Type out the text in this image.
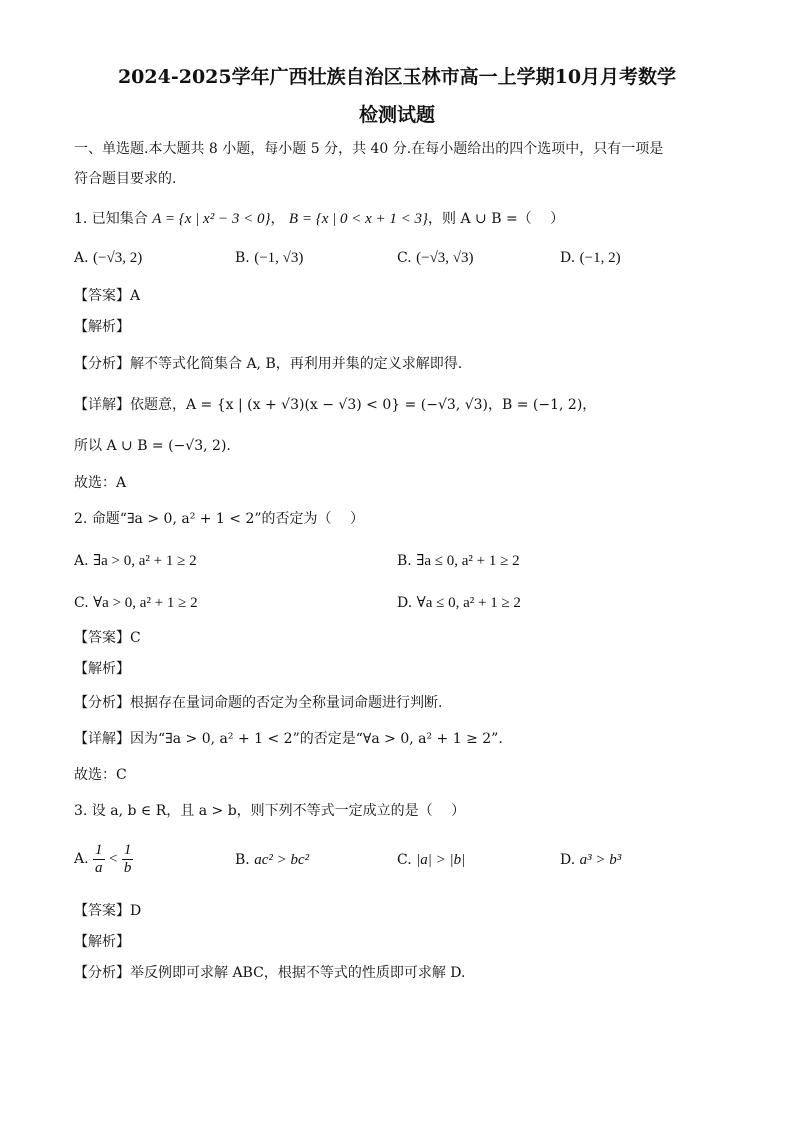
2024-2025学年广西壮族自治区玉林市高一上学期10月月考数学
检测试题
一、单选题.本大题共 8 小题，每小题 5 分，共 40 分.在每小题给出的四个选项中，只有一项是
符合题目要求的.
1. 已知集合 A = {x | x² − 3 < 0}， B = {x | 0 < x + 1 < 3}，则 A ∪ B =（　 ）
A. (−√3, 2)	B. (−1, √3)	C. (−√3, √3)	D. (−1, 2)
【答案】A
【解析】
【分析】解不等式化简集合 A, B，再利用并集的定义求解即得.
【详解】依题意，A = {x | (x + √3)(x − √3) < 0} = (−√3, √3)，B = (−1, 2)，
所以 A ∪ B = (−√3, 2).
故选：A
2. 命题“∃a > 0, a² + 1 < 2”的否定为（　 ）
A. ∃a > 0, a² + 1 ≥ 2	B. ∃a ≤ 0, a² + 1 ≥ 2
C. ∀a > 0, a² + 1 ≥ 2	D. ∀a ≤ 0, a² + 1 ≥ 2
【答案】C
【解析】
【分析】根据存在量词命题的否定为全称量词命题进行判断.
【详解】因为“∃a > 0, a² + 1 < 2”的否定是“∀a > 0, a² + 1 ≥ 2”.
故选：C
3. 设 a, b ∈ R，且 a > b，则下列不等式一定成立的是（　 ）
A. $\frac{1}{a} < \frac{1}{b}$	B. ac² > bc²	C. |a| > |b|	D. a³ > b³
【答案】D
【解析】
【分析】举反例即可求解 ABC，根据不等式的性质即可求解 D.
